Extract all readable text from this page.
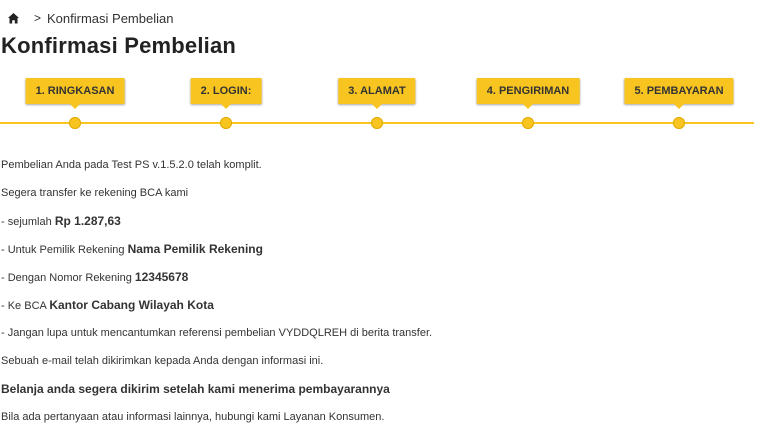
> Konfirmasi Pembelian
Konfirmasi Pembelian
1. RINGKASAN	2. LOGIN:	3. ALAMAT	4. PENGIRIMAN	5. PEMBAYARAN

Pembelian Anda pada Test PS v.1.5.2.0 telah komplit.

Segera transfer ke rekening BCA kami

- sejumlah Rp 1.287,63

- Untuk Pemilik Rekening Nama Pemilik Rekening

- Dengan Nomor Rekening 12345678

- Ke BCA Kantor Cabang Wilayah Kota

- Jangan lupa untuk mencantumkan referensi pembelian VYDDQLREH di berita transfer.

Sebuah e-mail telah dikirimkan kepada Anda dengan informasi ini.

Belanja anda segera dikirim setelah kami menerima pembayarannya

Bila ada pertanyaan atau informasi lainnya, hubungi kami Layanan Konsumen.
